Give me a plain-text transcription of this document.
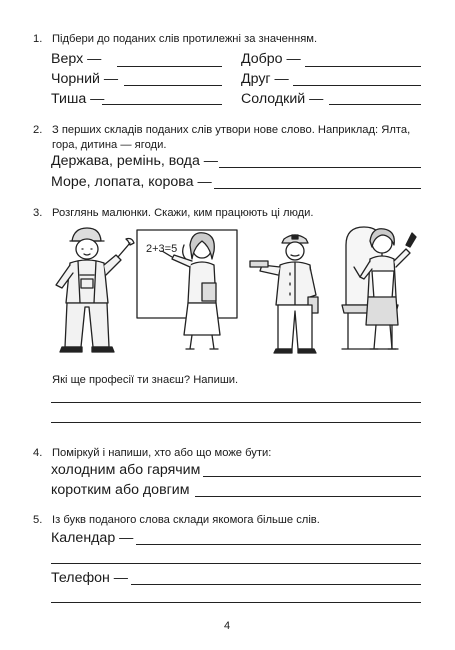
1. Підбери до поданих слів протилежні за значенням.
Верх —
Чорний —
Тиша —
Добро —
Друг —
Солодкий —
2. З перших складів поданих слів утвори нове слово. Наприклад: Ялта,
гора, дитина — ягоди.
Держава, ремінь, вода —
Море, лопата, корова —
3. Розглянь малюнки. Скажи, ким працюють ці люди.
2+3=5
Які ще професії ти знаєш? Напиши.
4. Поміркуй і напиши, хто або що може бути:
холодним або гарячим
коротким або довгим
5. Із букв поданого слова склади якомога більше слів.
Календар —
Телефон —
4
